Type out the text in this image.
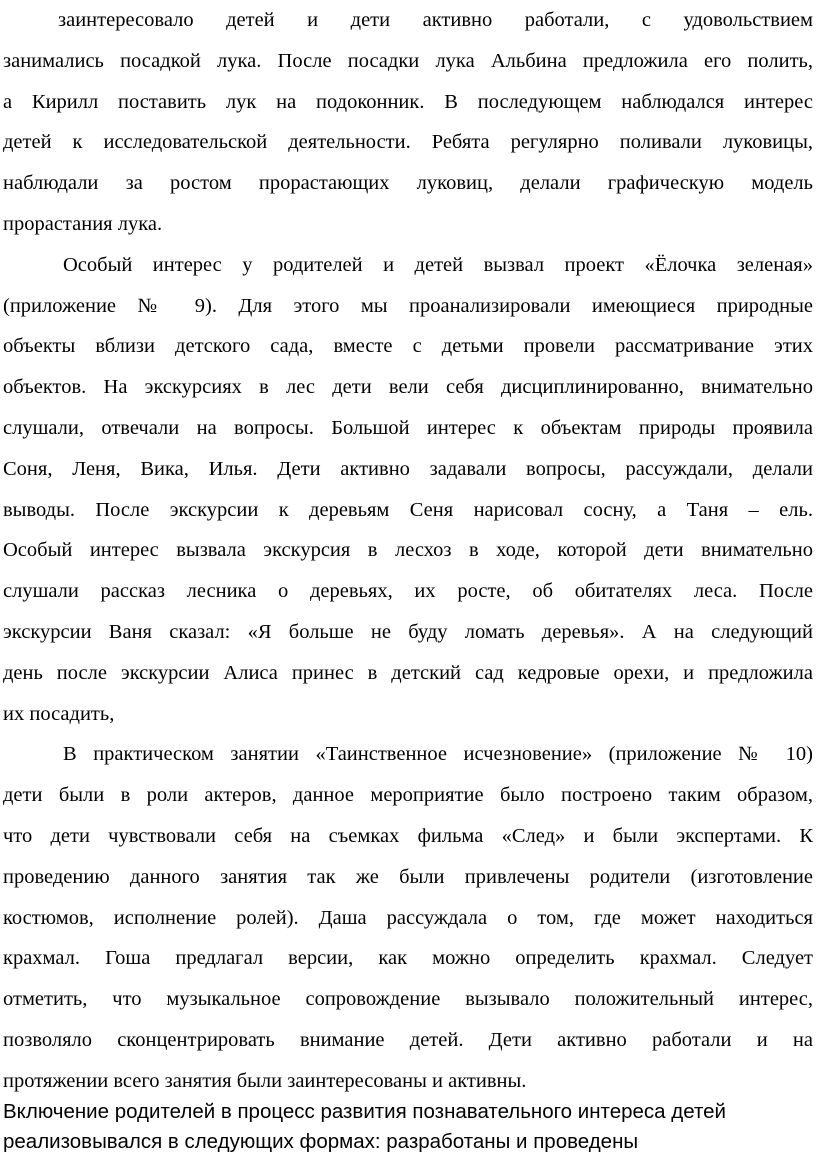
заинтересовало детей и дети активно работали, с удовольствием
занимались посадкой лука. После посадки лука Альбина предложила его полить,
а Кирилл поставить лук на подоконник. В последующем наблюдался интерес
детей к исследовательской деятельности. Ребята регулярно поливали луковицы,
наблюдали за ростом прорастающих луковиц, делали графическую модель
прорастания лука.
Особый интерес у родителей и детей вызвал проект «Ёлочка зеленая»
(приложение № 9). Для этого мы проанализировали имеющиеся природные
объекты вблизи детского сада, вместе с детьми провели рассматривание этих
объектов. На экскурсиях в лес дети вели себя дисциплинированно, внимательно
слушали, отвечали на вопросы. Большой интерес к объектам природы проявила
Соня, Леня, Вика, Илья. Дети активно задавали вопросы, рассуждали, делали
выводы. После экскурсии к деревьям Сеня нарисовал сосну, а Таня – ель.
Особый интерес вызвала экскурсия в лесхоз в ходе, которой дети внимательно
слушали рассказ лесника о деревьях, их росте, об обитателях леса. После
экскурсии Ваня сказал: «Я больше не буду ломать деревья». А на следующий
день после экскурсии Алиса принес в детский сад кедровые орехи, и предложила
их посадить,
В практическом занятии «Таинственное исчезновение» (приложение № 10)
дети были в роли актеров, данное мероприятие было построено таким образом,
что дети чувствовали себя на съемках фильма «След» и были экспертами. К
проведению данного занятия так же были привлечены родители (изготовление
костюмов, исполнение ролей). Даша рассуждала о том, где может находиться
крахмал. Гоша предлагал версии, как можно определить крахмал. Следует
отметить, что музыкальное сопровождение вызывало положительный интерес,
позволяло сконцентрировать внимание детей. Дети активно работали и на
протяжении всего занятия были заинтересованы и активны.
Включение родителей в процесс развития познавательного интереса детей
реализовывался в следующих формах: разработаны и проведены
